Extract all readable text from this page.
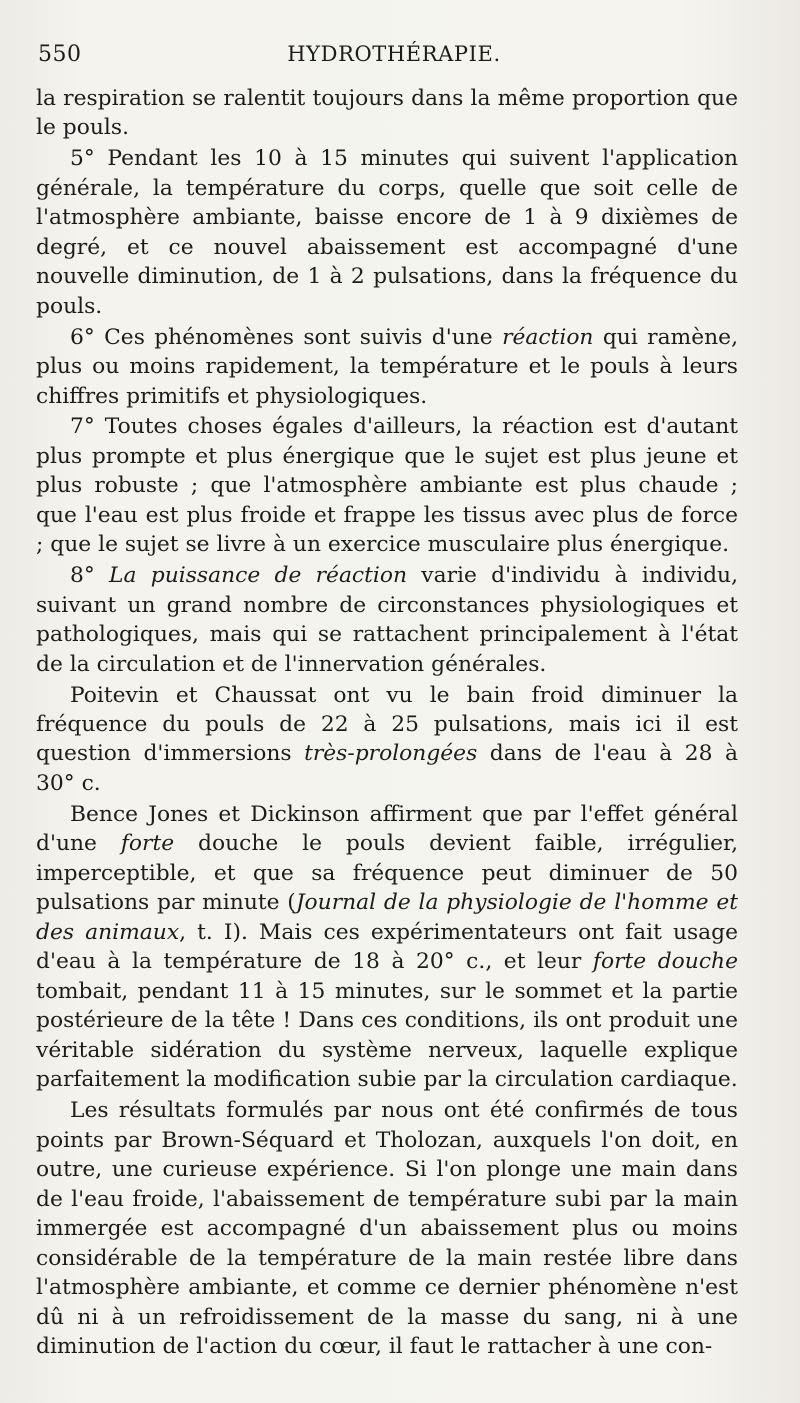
550	HYDROTHÉRAPIE.

la respiration se ralentit toujours dans la même proportion que le pouls.

5° Pendant les 10 à 15 minutes qui suivent l'application générale, la température du corps, quelle que soit celle de l'atmosphère ambiante, baisse encore de 1 à 9 dixièmes de degré, et ce nouvel abaissement est accompagné d'une nouvelle diminution, de 1 à 2 pulsations, dans la fréquence du pouls.

6° Ces phénomènes sont suivis d'une réaction qui ramène, plus ou moins rapidement, la température et le pouls à leurs chiffres primitifs et physiologiques.

7° Toutes choses égales d'ailleurs, la réaction est d'autant plus prompte et plus énergique que le sujet est plus jeune et plus robuste ; que l'atmosphère ambiante est plus chaude ; que l'eau est plus froide et frappe les tissus avec plus de force ; que le sujet se livre à un exercice musculaire plus énergique.

8° La puissance de réaction varie d'individu à individu, suivant un grand nombre de circonstances physiologiques et pathologiques, mais qui se rattachent principalement à l'état de la circulation et de l'innervation générales.

Poitevin et Chaussat ont vu le bain froid diminuer la fréquence du pouls de 22 à 25 pulsations, mais ici il est question d'immersions très-prolongées dans de l'eau à 28 à 30° c.

Bence Jones et Dickinson affirment que par l'effet général d'une forte douche le pouls devient faible, irrégulier, imperceptible, et que sa fréquence peut diminuer de 50 pulsations par minute (Journal de la physiologie de l'homme et des animaux, t. I). Mais ces expérimentateurs ont fait usage d'eau à la température de 18 à 20° c., et leur forte douche tombait, pendant 11 à 15 minutes, sur le sommet et la partie postérieure de la tête ! Dans ces conditions, ils ont produit une véritable sidération du système nerveux, laquelle explique parfaitement la modification subie par la circulation cardiaque.

Les résultats formulés par nous ont été confirmés de tous points par Brown-Séquard et Tholozan, auxquels l'on doit, en outre, une curieuse expérience. Si l'on plonge une main dans de l'eau froide, l'abaissement de température subi par la main immergée est accompagné d'un abaissement plus ou moins considérable de la température de la main restée libre dans l'atmosphère ambiante, et comme ce dernier phénomène n'est dû ni à un refroidissement de la masse du sang, ni à une diminution de l'action du cœur, il faut le rattacher à une con-
